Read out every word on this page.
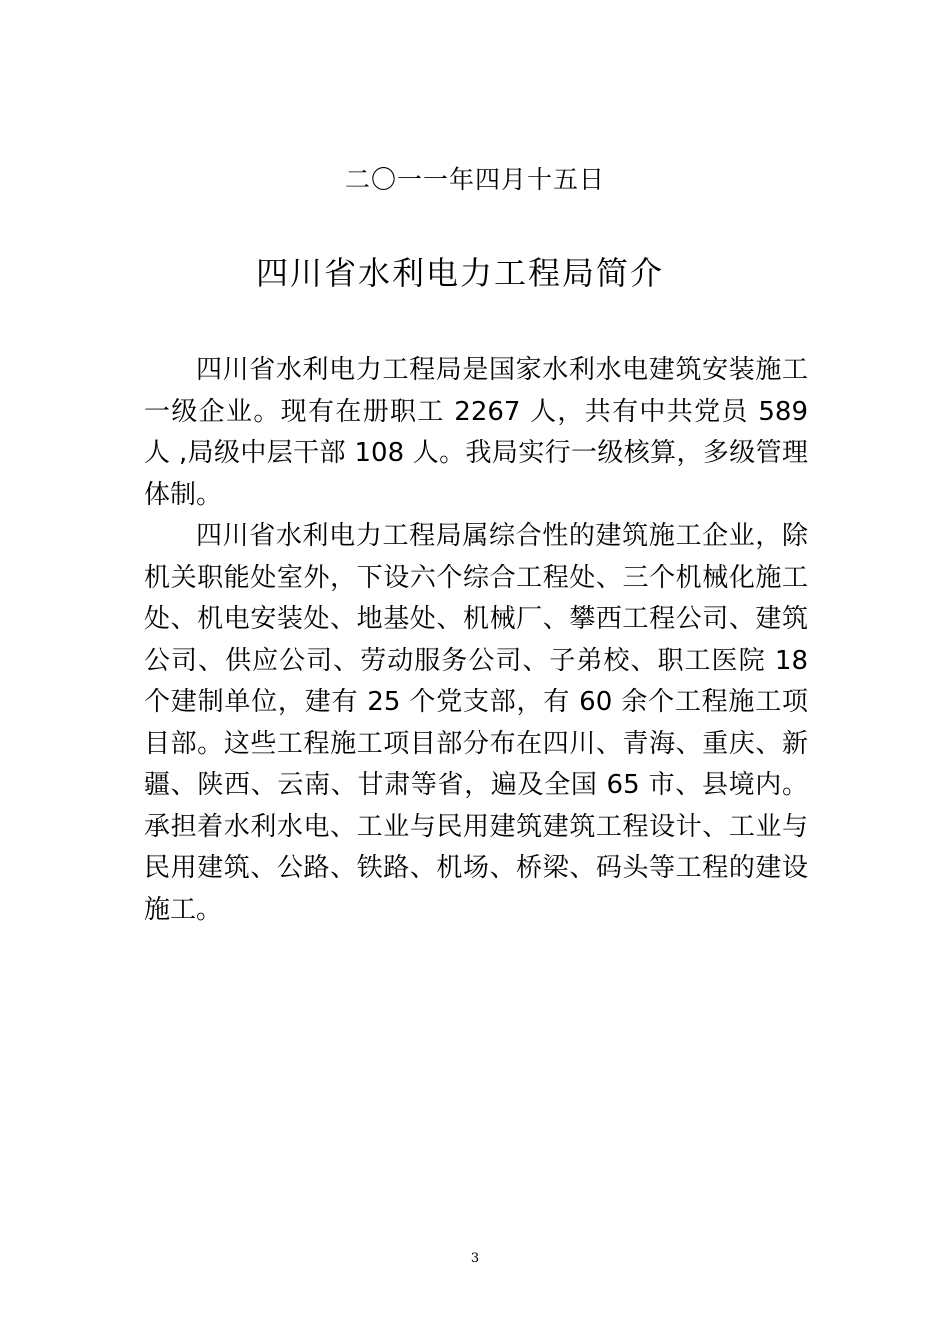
二〇一一年四月十五日
四川省水利电力工程局简介

四川省水利电力工程局是国家水利水电建筑安装施工一级企业。现有在册职工 2267 人，共有中共党员 589 人 ,局级中层干部 108 人。我局实行一级核算，多级管理体制。

四川省水利电力工程局属综合性的建筑施工企业，除机关职能处室外，下设六个综合工程处、三个机械化施工处、机电安装处、地基处、机械厂、攀西工程公司、建筑公司、供应公司、劳动服务公司、子弟校、职工医院 18 个建制单位，建有 25 个党支部，有 60 余个工程施工项目部。这些工程施工项目部分布在四川、青海、重庆、新疆、陕西、云南、甘肃等省，遍及全国 65 市、县境内。承担着水利水电、工业与民用建筑建筑工程设计、工业与民用建筑、公路、铁路、机场、桥梁、码头等工程的建设施工。

3
